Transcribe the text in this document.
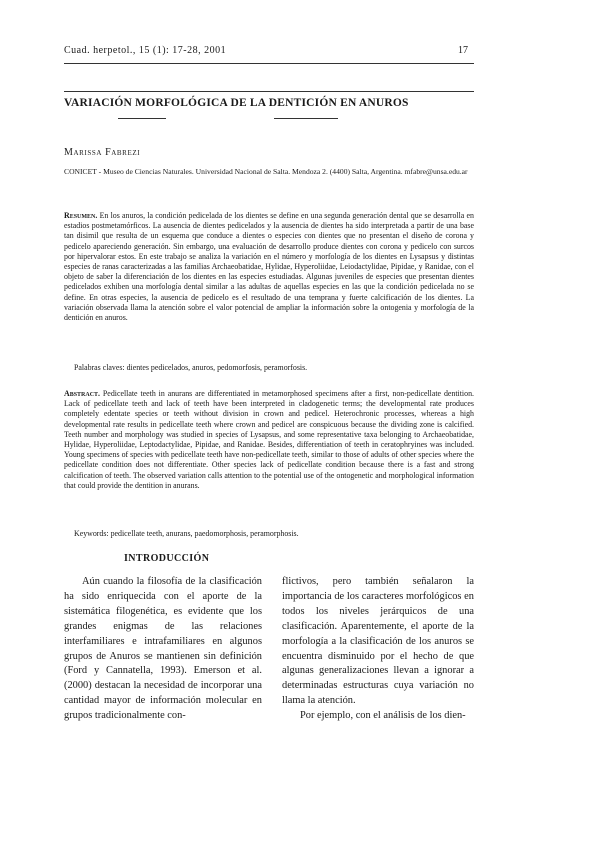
Cuad. herpetol., 15 (1): 17-28, 2001	17
VARIACIÓN MORFOLÓGICA DE LA DENTICIÓN EN ANUROS
Marissa Fabrezi
CONICET - Museo de Ciencias Naturales. Universidad Nacional de Salta. Mendoza 2. (4400) Salta, Argentina. mfabre@unsa.edu.ar
Resumen. En los anuros, la condición pedicelada de los dientes se define en una segunda generación dental que se desarrolla en estadios postmetamórficos. La ausencia de dientes pedicelados y la ausencia de dientes ha sido interpretada a partir de una base tan disimil que resulta de un esquema que conduce a dientes o especies con dientes que no presentan el diseño de corona y pedicelo apareciendo generación. Sin embargo, una evaluación de desarrollo produce dientes con corona y pedicelo con surcos por hipervalorar estos. En este trabajo se analiza la variación en el número y morfología de los dientes en Lysapsus y distintas especies de ranas caracterizadas a las familias Archaeobatidae, Hylidae, Hyperoliidae, Leiodactylidae, Pipidae, y Ranidae, con el objeto de saber la diferenciación de los dientes en las especies estudiadas. Algunas juveniles de especies que presentan dientes pedicelados exhiben una morfología dental similar a las adultas de aquellas especies en las que la condición pedicelada no se define. En otras especies, la ausencia de pedicelo es el resultado de una temprana y fuerte calcificación de los dientes. La variación observada llama la atención sobre el valor potencial de ampliar la información sobre la ontogenia y morfología de la dentición en anuros.
Palabras claves: dientes pedicelados, anuros, pedomorfosis, peramorfosis.
Abstract. Pedicellate teeth in anurans are differentiated in metamorphosed specimens after a first, non-pedicellate dentition. Lack of pedicellate teeth and lack of teeth have been interpreted in cladogenetic terms; the developmental rate produces completely edentate species or teeth without division in crown and pedicel. Heterochronic processes, whereas a high developmental rate results in pedicellate teeth where crown and pedicel are conspicuous because the dividing zone is calcified. Teeth number and morphology was studied in species of Lysapsus, and some representative taxa belonging to Archaeobatidae, Hylidae, Hyperoliidae, Leptodactylidae, Pipidae, and Ranidae. Besides, differentiation of teeth in ceratophryines was included. Young specimens of species with pedicellate teeth have non-pedicellate teeth, similar to those of adults of other species where the pedicellate condition does not differentiate. Other species lack of pedicellate condition because there is a fast and strong calcification of teeth. The observed variation calls attention to the potential use of the ontogenetic and morphological information that could provide the dentition in anurans.
Keywords: pedicellate teeth, anurans, paedomorphosis, peramorphosis.
INTRODUCCIÓN

Aún cuando la filosofía de la clasificación ha sido enriquecida con el aporte de la sistemática filogenética, es evidente que los grandes enigmas de las relaciones interfamiliares e intrafamiliares en algunos grupos de Anuros se mantienen sin definición (Ford y Cannatella, 1993). Emerson et al. (2000) destacan la necesidad de incorporar una cantidad mayor de información molecular en grupos tradicionalmente con-

flictivos, pero también señalaron la importancia de los caracteres morfológicos en todos los niveles jerárquicos de una clasificación. Aparentemente, el aporte de la morfología a la clasificación de los anuros se encuentra disminuido por el hecho de que algunas generalizaciones llevan a ignorar a determinadas estructuras cuya variación no llama la atención.

Por ejemplo, con el análisis de los dien-
